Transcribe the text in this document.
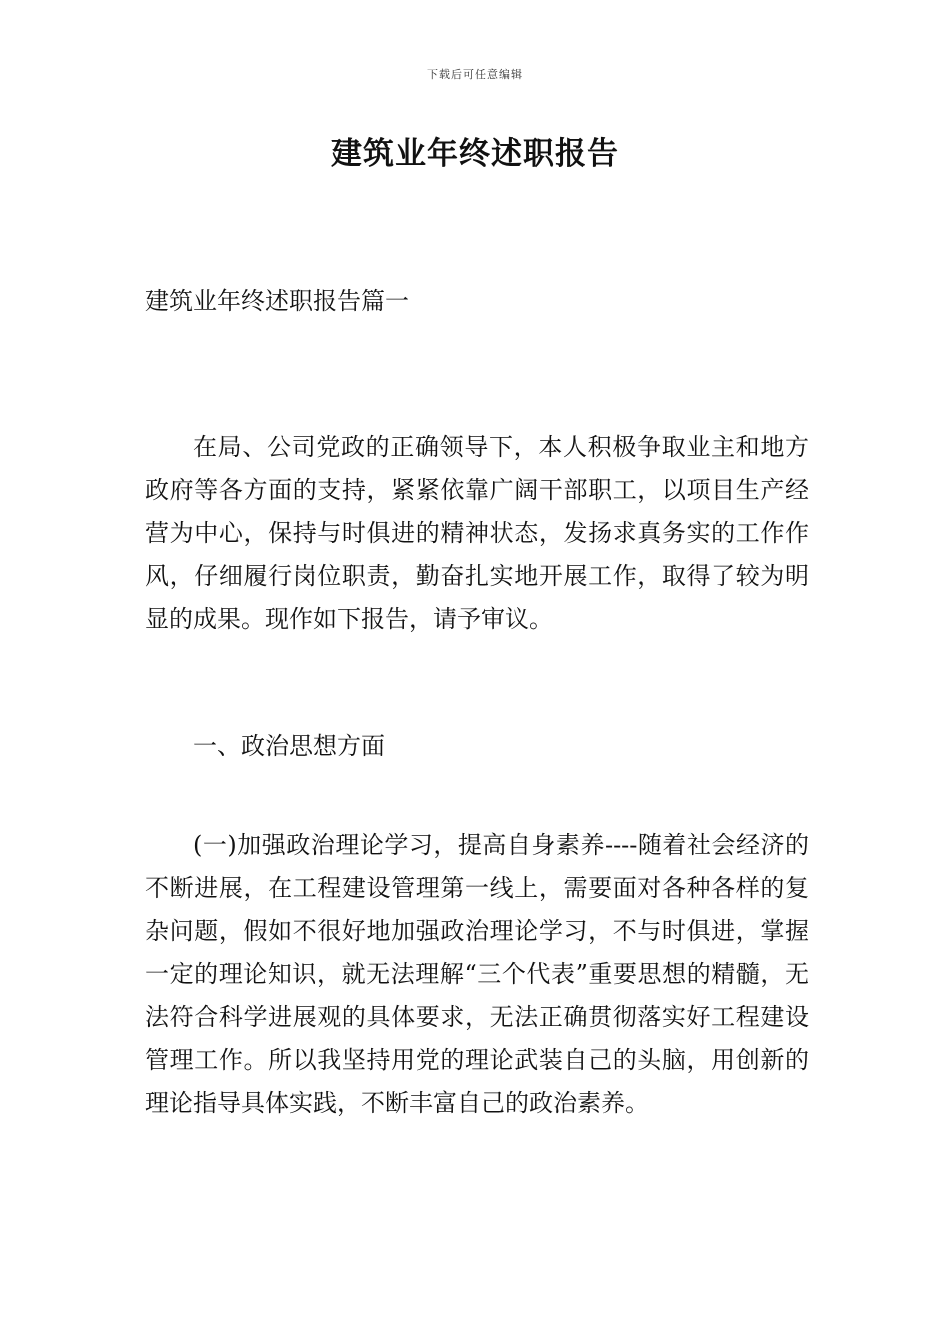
下载后可任意编辑
建筑业年终述职报告

建筑业年终述职报告篇一

在局、公司党政的正确领导下，本人积极争取业主和地方政府等各方面的支持，紧紧依靠广阔干部职工，以项目生产经营为中心，保持与时俱进的精神状态，发扬求真务实的工作作风，仔细履行岗位职责，勤奋扎实地开展工作，取得了较为明显的成果。现作如下报告，请予审议。

一、政治思想方面

(一)加强政治理论学习，提高自身素养----随着社会经济的不断进展，在工程建设管理第一线上，需要面对各种各样的复杂问题，假如不很好地加强政治理论学习，不与时俱进，掌握一定的理论知识，就无法理解“三个代表”重要思想的精髓，无法符合科学进展观的具体要求，无法正确贯彻落实好工程建设管理工作。所以我坚持用党的理论武装自己的头脑，用创新的理论指导具体实践，不断丰富自己的政治素养。
